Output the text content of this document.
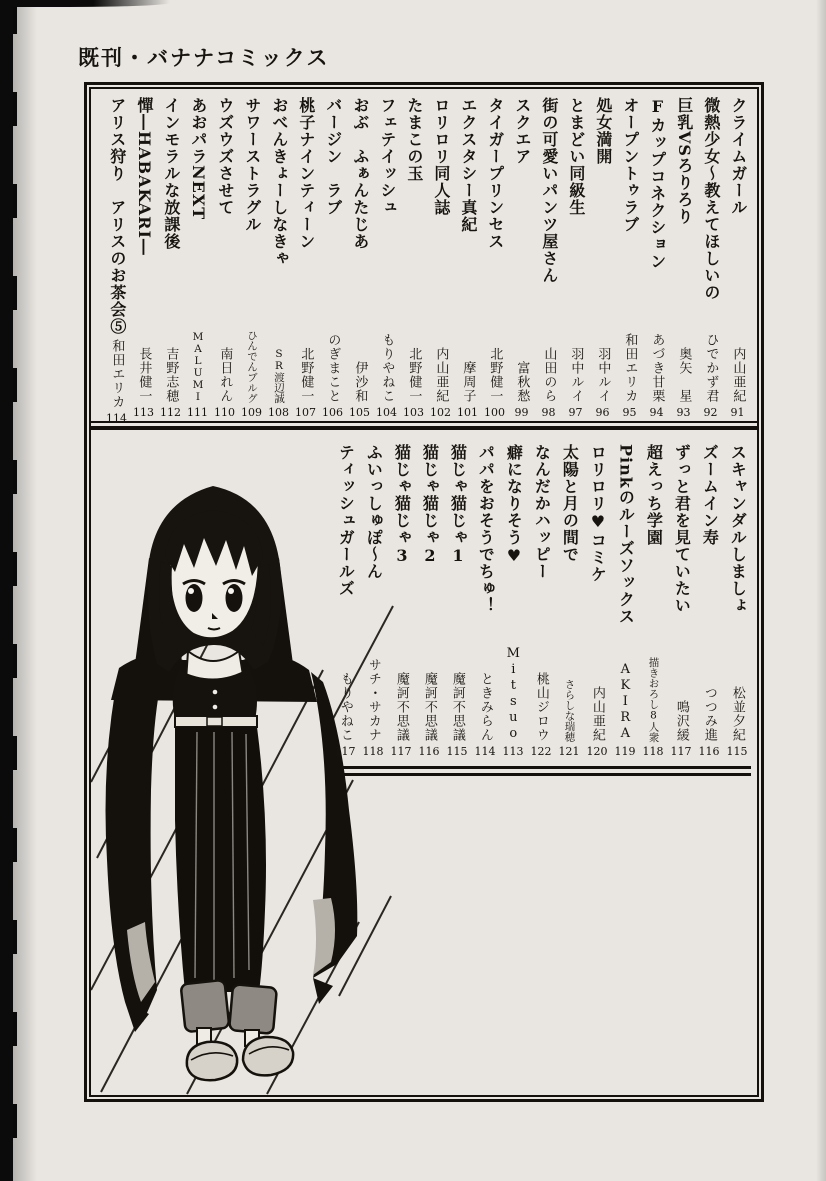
既刊・バナナコミックス
クライムガール
内山亜紀
91
微熱少女〜教えてほしいの
ひでかず君
92
巨乳VSろりろり
奥矢　星
93
Fカップコネクション
あづき甘栗
94
オープントゥラブ
和田エリカ
95
処女満開
羽中ルイ
96
とまどい同級生
羽中ルイ
97
街の可愛いパンツ屋さん
山田のら
98
スクエア
富秋愁
99
タイガープリンセス
北野健一
100
エクスタシー真紀
摩周子
101
ロリロリ同人誌
内山亜紀
102
たまこの玉
北野健一
103
フェテイッシュ
もりやねこ
104
おぶ　ふぁんたじあ
伊沙和
105
バージン　ラブ
のぎまこと
106
桃子ナインティーン
北野健一
107
おべんきょーしなきゃ
SR渡辺誠
108
サワーストラグル
ひんでんブルグ
109
ウズウズさせて
南日れん
110
あおパラNEXT
MALUMI
111
インモラルな放課後
吉野志穂
112
憚―HABAKARI―
長井健一
113
アリス狩り　アリスのお茶会⑤
和田エリカ
114
スキャンダルしましょ
松並夕紀
115
ズームイン寿
つつみ進
116
ずっと君を見ていたい
鳴沢緩
117
超えっち学園
描きおろし8人衆
118
Pinkのルーズソックス
AKIRA
119
ロリロリ♥コミケ
内山亜紀
120
太陽と月の間で
さらしな瑞穂
121
なんだかハッピー
桃山ジロウ
122
癖になりそう♥
Mitsuo
113
パパをおそうでちゅ！
ときみらん
114
猫じゃ猫じゃ1
魔訶不思議
115
猫じゃ猫じゃ2
魔訶不思議
116
猫じゃ猫じゃ3
魔訶不思議
117
ふいっしゅぽ〜ん
サチ・サカナ
118
ティッシュガールズ
もりやねこ
117
